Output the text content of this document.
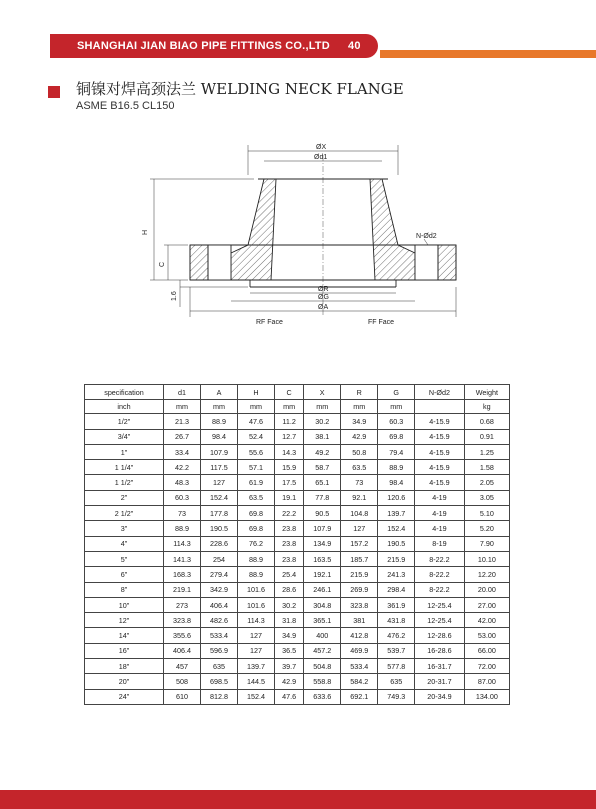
SHANGHAI JIAN BIAO PIPE FITTINGS CO.,LTD 40
铜镍对焊高颈法兰 WELDING NECK FLANGE
ASME B16.5 CL150
ØX
Ød1
H
C
1.6
N-Ød2
ØR
ØG
ØA
RF Face	FF Face
specification	d1	A	H	C	X	R	G	N-Ød2	Weight
inch	mm	mm	mm	mm	mm	mm	mm		kg
1/2"	21.3	88.9	47.6	11.2	30.2	34.9	60.3	4-15.9	0.68
3/4"	26.7	98.4	52.4	12.7	38.1	42.9	69.8	4-15.9	0.91
1"	33.4	107.9	55.6	14.3	49.2	50.8	79.4	4-15.9	1.25
1 1/4"	42.2	117.5	57.1	15.9	58.7	63.5	88.9	4-15.9	1.58
1 1/2"	48.3	127	61.9	17.5	65.1	73	98.4	4-15.9	2.05
2"	60.3	152.4	63.5	19.1	77.8	92.1	120.6	4-19	3.05
2 1/2"	73	177.8	69.8	22.2	90.5	104.8	139.7	4-19	5.10
3"	88.9	190.5	69.8	23.8	107.9	127	152.4	4-19	5.20
4"	114.3	228.6	76.2	23.8	134.9	157.2	190.5	8-19	7.90
5"	141.3	254	88.9	23.8	163.5	185.7	215.9	8-22.2	10.10
6"	168.3	279.4	88.9	25.4	192.1	215.9	241.3	8-22.2	12.20
8"	219.1	342.9	101.6	28.6	246.1	269.9	298.4	8-22.2	20.00
10"	273	406.4	101.6	30.2	304.8	323.8	361.9	12-25.4	27.00
12"	323.8	482.6	114.3	31.8	365.1	381	431.8	12-25.4	42.00
14"	355.6	533.4	127	34.9	400	412.8	476.2	12-28.6	53.00
16"	406.4	596.9	127	36.5	457.2	469.9	539.7	16-28.6	66.00
18"	457	635	139.7	39.7	504.8	533.4	577.8	16-31.7	72.00
20"	508	698.5	144.5	42.9	558.8	584.2	635	20-31.7	87.00
24"	610	812.8	152.4	47.6	633.6	692.1	749.3	20-34.9	134.00
